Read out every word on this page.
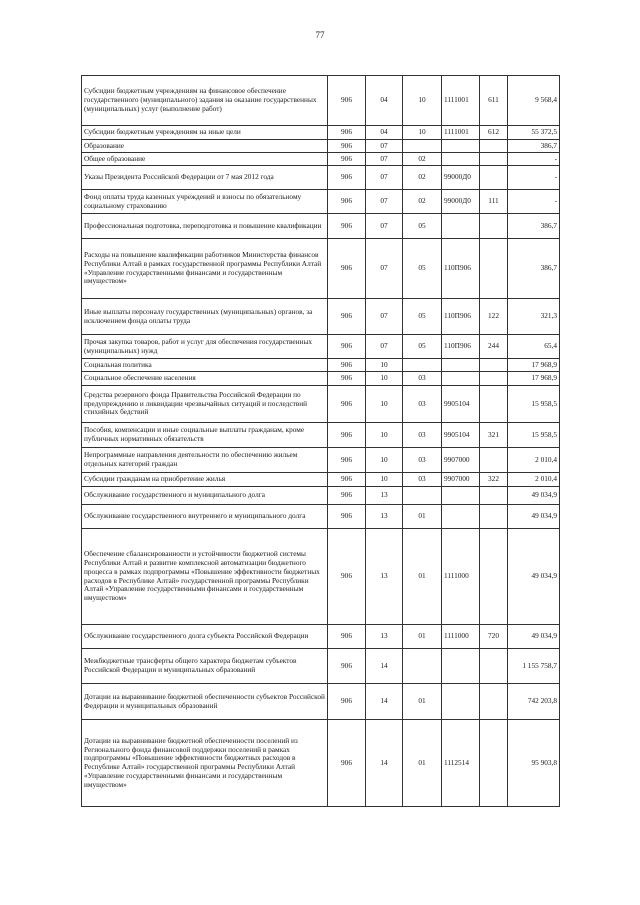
77
Субсидии бюджетным учреждениям на финансовое обеспечение государственного (муниципального) задания на оказание государственных (муниципальных) услуг (выполнение работ)	906	04	10	1111001	611	9 568,4
Субсидии бюджетным учреждениям на иные цели	906	04	10	1111001	612	55 372,5
Образование	906	07				386,7
Общее образование	906	07	02			-
Указы Президента Российской Федерации от 7 мая 2012 года	906	07	02	99000Д0		-
Фонд оплаты труда казенных учреждений и взносы по обязательному социальному страхованию	906	07	02	99000Д0	111	-
Профессиональная подготовка, переподготовка и повышение квалификации	906	07	05			386,7
Расходы на повышение квалификации работников Министерства финансов Республики Алтай в рамках государственной программы Республики Алтай «Управление государственными финансами и государственным имуществом»	906	07	05	110П906		386,7
Иные выплаты персоналу государственных (муниципальных) органов, за исключением фонда оплаты труда	906	07	05	110П906	122	321,3
Прочая закупка товаров, работ и услуг для обеспечения государственных (муниципальных) нужд	906	07	05	110П906	244	65,4
Социальная политика	906	10				17 968,9
Социальное обеспечение населения	906	10	03			17 968,9
Средства резервного фонда Правительства Российской Федерации по предупреждению и ликвидации чрезвычайных ситуаций и последствий стихийных бедствий	906	10	03	9905104		15 958,5
Пособия, компенсации и иные социальные выплаты гражданам, кроме публичных нормативных обязательств	906	10	03	9905104	321	15 958,5
Непрограммные направления деятельности по обеспечению жильем отдельных категорий граждан	906	10	03	9907000		2 010,4
Субсидии гражданам на приобретение жилья	906	10	03	9907000	322	2 010,4
Обслуживание государственного и муниципального долга	906	13				49 034,9
Обслуживание государственного внутреннего и муниципального долга	906	13	01			49 034,9
Обеспечение сбалансированности и устойчивости бюджетной системы Республики Алтай и развитие комплексной автоматизации бюджетного процесса в рамках подпрограммы «Повышение эффективности бюджетных расходов в Республике Алтай» государственной программы Республики Алтай «Управление государственными финансами и государственным имуществом»	906	13	01	1111000		49 034,9
Обслуживание государственного долга субъекта Российской Федерации	906	13	01	1111000	720	49 034,9
Межбюджетные трансферты общего характера бюджетам субъектов Российской Федерации и муниципальных образований	906	14				1 155 758,7
Дотации на выравнивание бюджетной обеспеченности субъектов Российской Федерации и муниципальных образований	906	14	01			742 203,8
Дотации на выравнивание бюджетной обеспеченности поселений из Регионального фонда финансовой поддержки поселений в рамках подпрограммы «Повышение эффективности бюджетных расходов в Республике Алтай» государственной программы Республики Алтай «Управление государственными финансами и государственным имуществом»	906	14	01	1112514		95 903,8
